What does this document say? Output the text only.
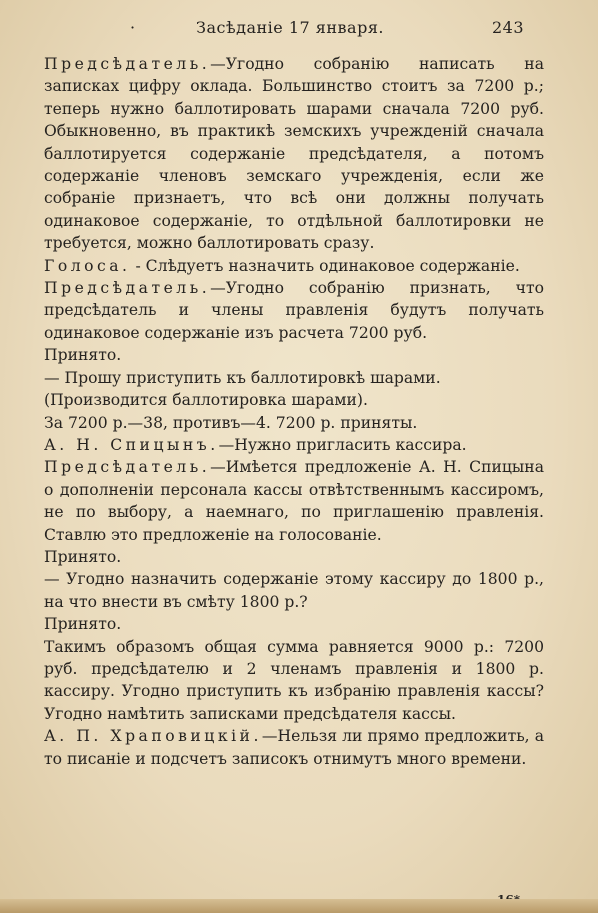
·	Засѣданіе 17 января.	243

Предсѣдатель.—Угодно собранію написать на записках цифру оклада. Большинство стоитъ за 7200 р.; теперь нужно баллотировать шарами сначала 7200 руб. Обыкновенно, въ практикѣ земскихъ учрежденій сначала баллотируется содержаніе предсѣдателя, а потомъ содержаніе членовъ земскаго учрежденія, если же собраніе признаетъ, что всѣ они должны получать одинаковое содержаніе, то отдѣльной баллотировки не требуется, можно баллотировать сразу.

Голоса. - Слѣдуетъ назначить одинаковое содержаніе.

Предсѣдатель.—Угодно собранію признать, что предсѣдатель и члены правленія будутъ получать одинаковое содержаніе изъ расчета 7200 руб.

Принято.

— Прошу приступить къ баллотировкѣ шарами.

(Производится баллотировка шарами).

За 7200 р.—38, противъ—4. 7200 р. приняты.

А. Н. Спицынъ.—Нужно пригласить кассира.

Предсѣдатель.—Имѣется предложеніе А. Н. Спицына о дополненіи персонала кассы отвѣтственнымъ кассиромъ, не по выбору, а наемнаго, по приглашенію правленія. Ставлю это предложеніе на голосованіе.

Принято.

— Угодно назначить содержаніе этому кассиру до 1800 р., на что внести въ смѣту 1800 р.?

Принято.

Такимъ образомъ общая сумма равняется 9000 р.: 7200 руб. предсѣдателю и 2 членамъ правленія и 1800 р. кассиру. Угодно приступить къ избранію правленія кассы? Угодно намѣтить записками предсѣдателя кассы.

А. П. Храповицкій.—Нельзя ли прямо предложить, а то писаніе и подсчетъ записокъ отнимутъ много времени.
